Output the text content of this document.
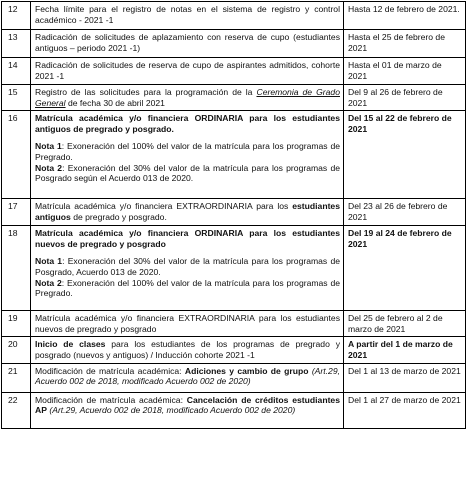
12	Fecha límite para el registro de notas en el sistema de registro y control académico - 2021 -1	Hasta 12 de febrero de 2021.

13	Radicación de solicitudes de aplazamiento con reserva de cupo (estudiantes antiguos – periodo 2021 -1)	Hasta el 25 de febrero de 2021

14	Radicación de solicitudes de reserva de cupo de aspirantes admitidos, cohorte 2021 -1	Hasta el 01 de marzo de 2021

15	Registro de las solicitudes para la programación de la Ceremonia de Grado General de fecha 30 de abril 2021	Del 9 al 26 de febrero de 2021

16	Matrícula académica y/o financiera ORDINARIA para los estudiantes antiguos de pregrado y posgrado.

Nota 1: Exoneración del 100% del valor de la matrícula para los programas de Pregrado.

Nota 2: Exoneración del 30% del valor de la matrícula para los programas de Posgrado según el Acuerdo 013 de 2020.	Del 15 al 22 de febrero de 2021

17	Matrícula académica y/o financiera EXTRAORDINARIA para los estudiantes antiguos de pregrado y posgrado.	Del 23 al 26 de febrero de 2021

18	Matrícula académica y/o financiera ORDINARIA para los estudiantes nuevos de pregrado y posgrado

Nota 1: Exoneración del 30% del valor de la matrícula para los programas de Posgrado, Acuerdo 013 de 2020.

Nota 2: Exoneración del 100% del valor de la matrícula para los programas de Pregrado.	Del 19 al 24 de febrero de 2021

19	Matrícula académica y/o financiera EXTRAORDINARIA para los estudiantes nuevos de pregrado y posgrado	Del 25 de febrero al 2 de marzo de 2021

20	Inicio de clases para los estudiantes de los programas de pregrado y posgrado (nuevos y antiguos) / Inducción cohorte 2021 -1	A partir del 1 de marzo de 2021

21	Modificación de matrícula académica: Adiciones y cambio de grupo (Art.29, Acuerdo 002 de 2018, modificado Acuerdo 002 de 2020)	Del 1 al 13 de marzo de 2021

22	Modificación de matrícula académica: Cancelación de créditos estudiantes AP (Art.29, Acuerdo 002 de 2018, modificado Acuerdo 002 de 2020)	Del 1 al 27 de marzo de 2021
